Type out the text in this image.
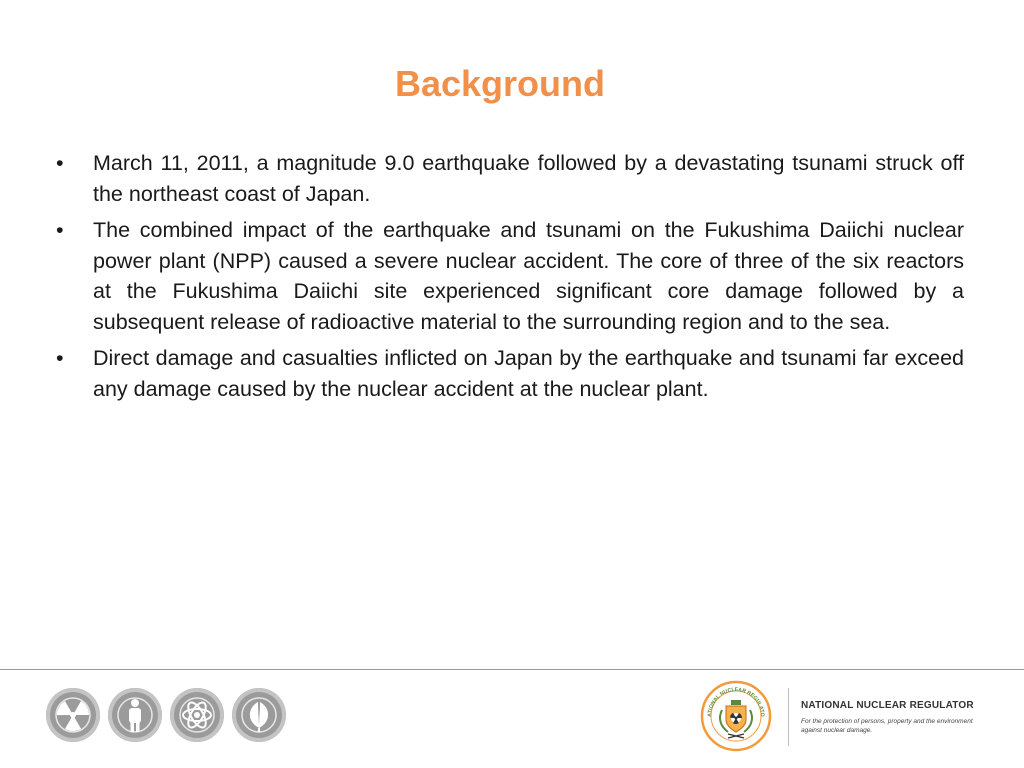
Background
• March 11, 2011, a magnitude 9.0 earthquake followed by a devastating tsunami struck off the northeast coast of Japan.
• The combined impact of the earthquake and tsunami on the Fukushima Daiichi nuclear power plant (NPP) caused a severe nuclear accident. The core of three of the six reactors at the Fukushima Daiichi site experienced significant core damage followed by a subsequent release of radioactive material to the surrounding region and to the sea.
• Direct damage and casualties inflicted on Japan by the earthquake and tsunami far exceed any damage caused by the nuclear accident at the nuclear plant.
ATIONAL NUCLEAR REGULATO
NATIONAL NUCLEAR REGULATOR
For the protection of persons, property and the environment against nuclear damage.
